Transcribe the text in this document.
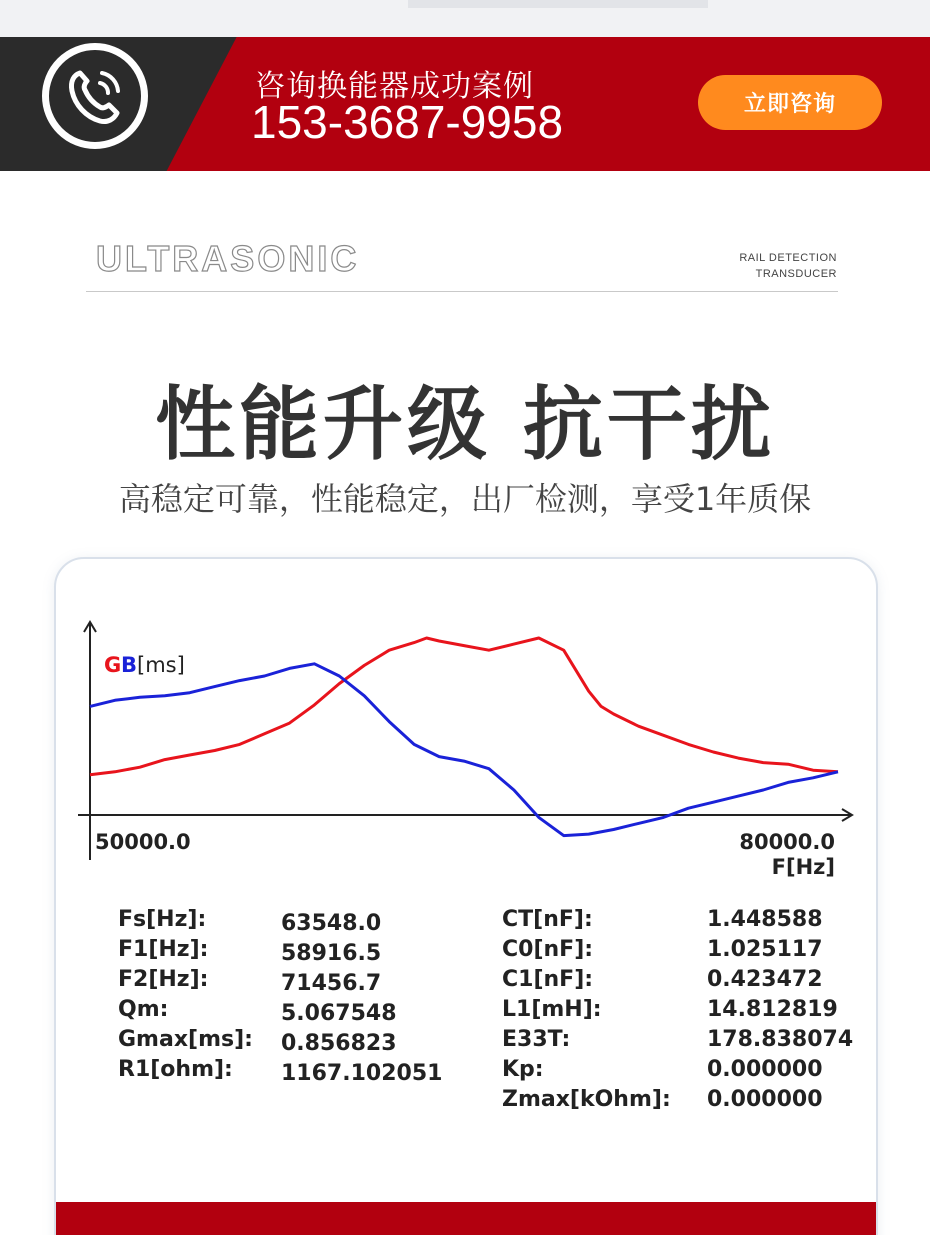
咨询换能器成功案例
153-3687-9958	立即咨询
ULTRASONIC	RAIL DETECTION
TRANSDUCER
性能升级 抗干扰
高稳定可靠，性能稳定，出厂检测，享受1年质保
G B [ms]
50000.0	80000.0
F[Hz]
Fs[Hz]:	63548.0
F1[Hz]:	58916.5
F2[Hz]:	71456.7
Qm:	5.067548
Gmax[ms]:	0.856823
R1[ohm]:	1167.102051
CT[nF]:	1.448588
C0[nF]:	1.025117
C1[nF]:	0.423472
L1[mH]:	14.812819
E33T:	178.838074
Kp:	0.000000
Zmax[kOhm]:	0.000000
